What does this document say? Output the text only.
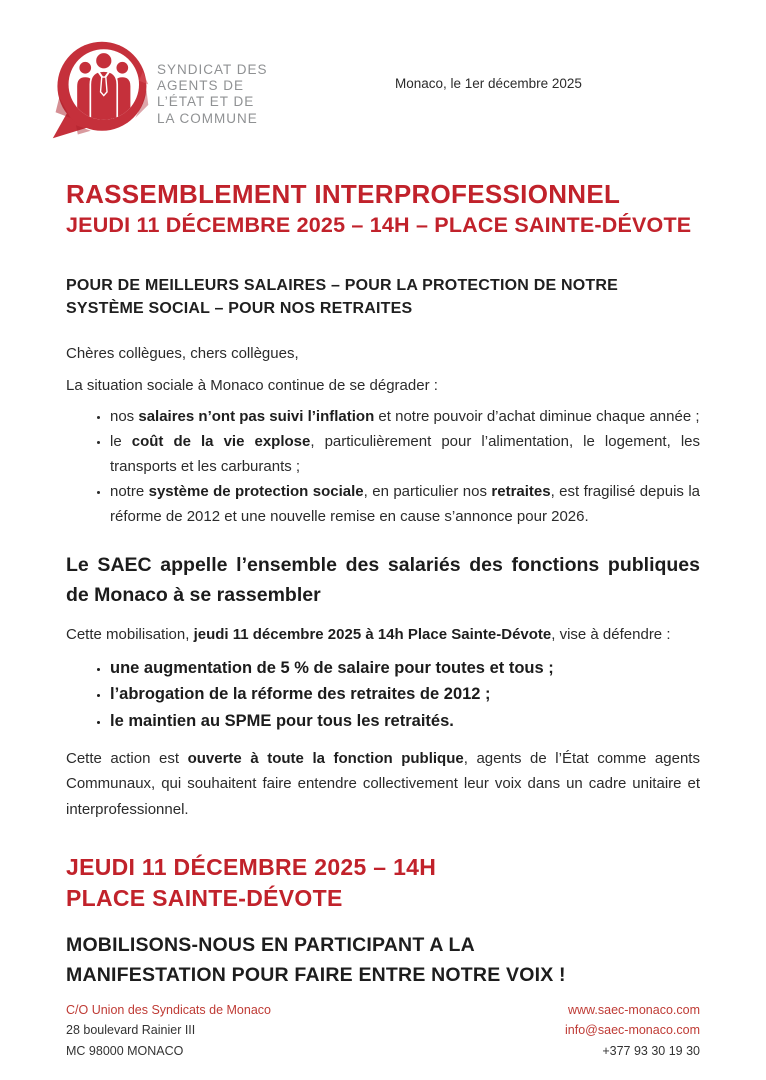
SYNDICAT DES
AGENTS DE
L’ÉTAT ET DE
LA COMMUNE
Monaco, le 1er décembre 2025
RASSEMBLEMENT INTERPROFESSIONNEL
JEUDI 11 DÉCEMBRE 2025 – 14H – PLACE SAINTE-DÉVOTE

POUR DE MEILLEURS SALAIRES – POUR LA PROTECTION DE NOTRE SYSTÈME SOCIAL – POUR NOS RETRAITES

Chères collègues, chers collègues,

La situation sociale à Monaco continue de se dégrader :

• nos salaires n’ont pas suivi l’inflation et notre pouvoir d’achat diminue chaque année ;
• le coût de la vie explose, particulièrement pour l’alimentation, le logement, les transports et les carburants ;
• notre système de protection sociale, en particulier nos retraites, est fragilisé depuis la réforme de 2012 et une nouvelle remise en cause s’annonce pour 2026.
Le SAEC appelle l’ensemble des salariés des fonctions publiques de Monaco à se rassembler

Cette mobilisation, jeudi 11 décembre 2025 à 14h Place Sainte-Dévote, vise à défendre :

• une augmentation de 5 % de salaire pour toutes et tous ;
• l’abrogation de la réforme des retraites de 2012 ;
• le maintien au SPME pour tous les retraités.

Cette action est ouverte à toute la fonction publique, agents de l’État comme agents Communaux, qui souhaitent faire entendre collectivement leur voix dans un cadre unitaire et interprofessionnel.

JEUDI 11 DÉCEMBRE 2025 – 14H
PLACE SAINTE-DÉVOTE
MOBILISONS-NOUS EN PARTICIPANT A LA
MANIFESTATION POUR FAIRE ENTRE NOTRE VOIX !
C/O Union des Syndicats de Monaco
28 boulevard Rainier III
MC 98000 MONACO
www.saec-monaco.com
info@saec-monaco.com
+377 93 30 19 30
